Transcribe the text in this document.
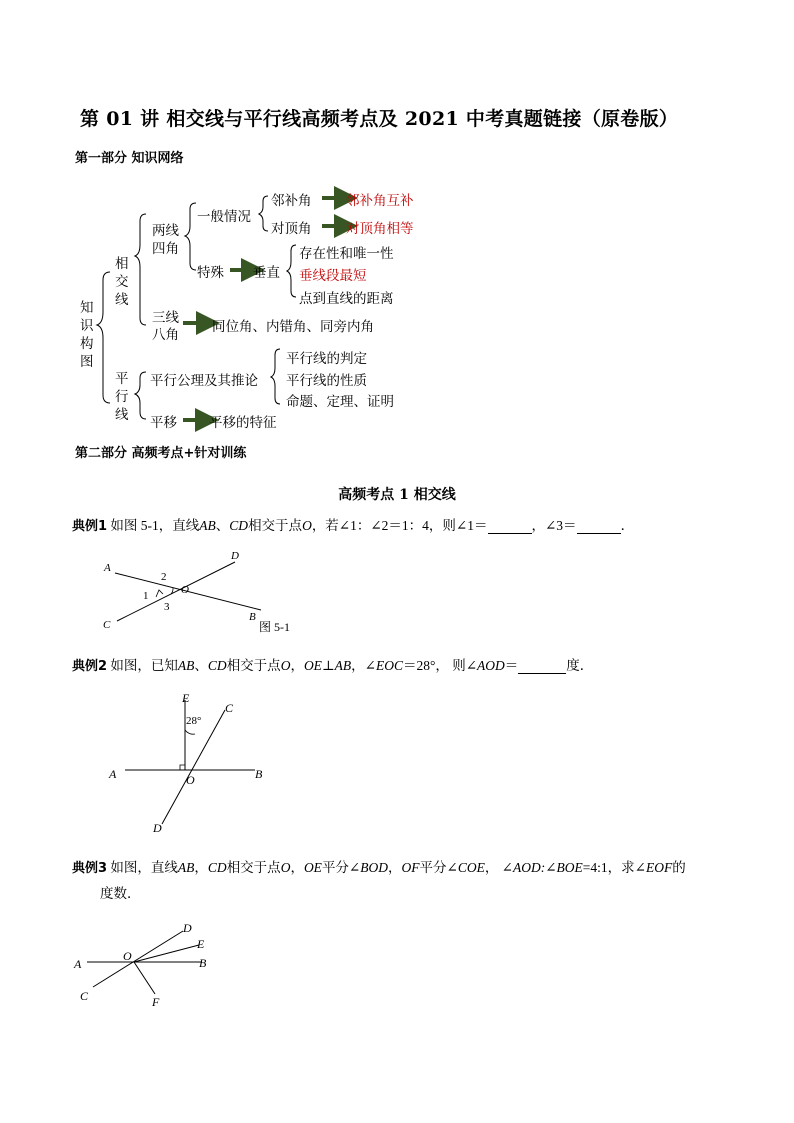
第 01 讲 相交线与平行线高频考点及 2021 中考真题链接（原卷版）
第一部分 知识网络
知
识
构
图
相
交
线
平
行
线
两线
四角
一般情况
邻补角	邻补角互补
对顶角	对顶角相等
特殊 垂直
存在性和唯一性
垂线段最短
点到直线的距离
三线
八角 同位角、内错角、同旁内角
平行公理及其推论
平行线的判定
平行线的性质
命题、定理、证明
平移 平移的特征
第二部分 高频考点+针对训练
高频考点 1 相交线
典例1 如图 5-1，直线AB、CD相交于点O，若∠1：∠2＝1：4，则∠1＝	，∠3＝	．
A
D
O
2
1
3
C
B
图 5-1
典例2 如图，已知AB、CD相交于点O，OE⊥AB，∠EOC＝28°， 则∠AOD＝	度．
E
C
28°
A	O	B
D
典例3 如图，直线AB，CD相交于点O，OE平分∠BOD，OF平分∠COE， ∠AOD:∠BOE=4:1，求∠EOF的
度数．
D
E
O
A	B
C	F
